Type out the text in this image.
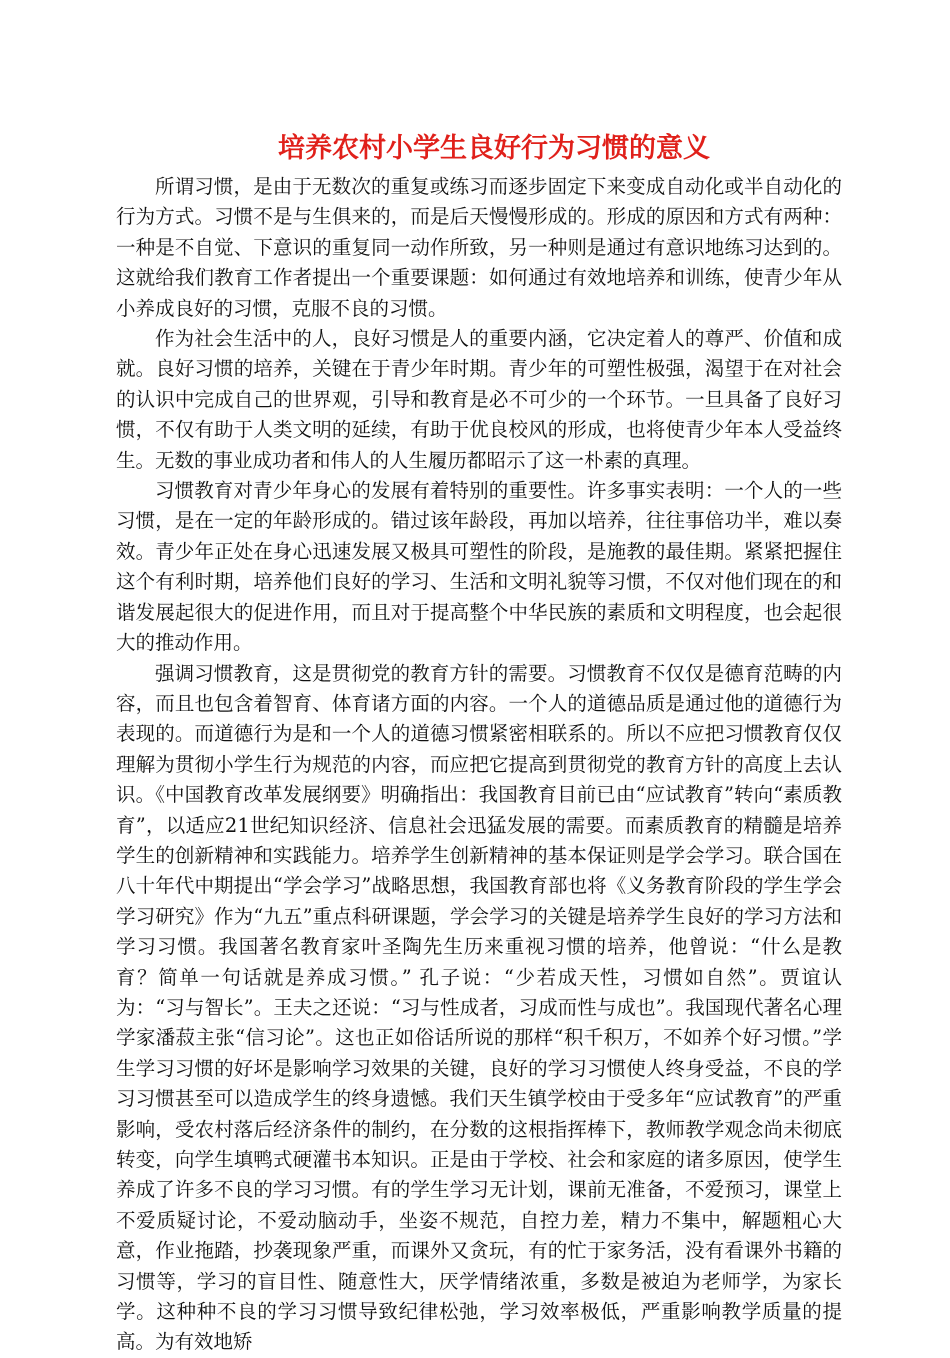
培养农村小学生良好行为习惯的意义

所谓习惯，是由于无数次的重复或练习而逐步固定下来变成自动化或半自动化的行为方式。习惯不是与生俱来的，而是后天慢慢形成的。形成的原因和方式有两种：一种是不自觉、下意识的重复同一动作所致，另一种则是通过有意识地练习达到的。这就给我们教育工作者提出一个重要课题：如何通过有效地培养和训练，使青少年从小养成良好的习惯，克服不良的习惯。

作为社会生活中的人，良好习惯是人的重要内涵，它决定着人的尊严、价值和成就。良好习惯的培养，关键在于青少年时期。青少年的可塑性极强，渴望于在对社会的认识中完成自己的世界观，引导和教育是必不可少的一个环节。一旦具备了良好习惯，不仅有助于人类文明的延续，有助于优良校风的形成，也将使青少年本人受益终生。无数的事业成功者和伟人的人生履历都昭示了这一朴素的真理。

习惯教育对青少年身心的发展有着特别的重要性。许多事实表明：一个人的一些习惯，是在一定的年龄形成的。错过该年龄段，再加以培养，往往事倍功半，难以奏效。青少年正处在身心迅速发展又极具可塑性的阶段，是施教的最佳期。紧紧把握住这个有利时期，培养他们良好的学习、生活和文明礼貌等习惯，不仅对他们现在的和谐发展起很大的促进作用，而且对于提高整个中华民族的素质和文明程度，也会起很大的推动作用。

强调习惯教育，这是贯彻党的教育方针的需要。习惯教育不仅仅是德育范畴的内容，而且也包含着智育、体育诸方面的内容。一个人的道德品质是通过他的道德行为表现的。而道德行为是和一个人的道德习惯紧密相联系的。所以不应把习惯教育仅仅理解为贯彻小学生行为规范的内容，而应把它提高到贯彻党的教育方针的高度上去认识。《中国教育改革发展纲要》明确指出：我国教育目前已由“应试教育”转向“素质教育”，以适应21世纪知识经济、信息社会迅猛发展的需要。而素质教育的精髓是培养学生的创新精神和实践能力。培养学生创新精神的基本保证则是学会学习。联合国在八十年代中期提出“学会学习”战略思想，我国教育部也将《义务教育阶段的学生学会学习研究》作为“九五”重点科研课题，学会学习的关键是培养学生良好的学习方法和学习习惯。我国著名教育家叶圣陶先生历来重视习惯的培养，他曾说：“什么是教育？简单一句话就是养成习惯。” 孔子说：“少若成天性，习惯如自然”。贾谊认为：“习与智长”。王夫之还说：“习与性成者，习成而性与成也”。我国现代著名心理学家潘菽主张“信习论”。这也正如俗话所说的那样“积千积万，不如养个好习惯。”学生学习习惯的好坏是影响学习效果的关键，良好的学习习惯使人终身受益，不良的学习习惯甚至可以造成学生的终身遗憾。我们天生镇学校由于受多年“应试教育”的严重影响，受农村落后经济条件的制约，在分数的这根指挥棒下，教师教学观念尚未彻底转变，向学生填鸭式硬灌书本知识。正是由于学校、社会和家庭的诸多原因，使学生养成了许多不良的学习习惯。有的学生学习无计划，课前无准备，不爱预习，课堂上不爱质疑讨论，不爱动脑动手，坐姿不规范，自控力差，精力不集中，解题粗心大意，作业拖踏，抄袭现象严重，而课外又贪玩，有的忙于家务活，没有看课外书籍的习惯等，学习的盲目性、随意性大，厌学情绪浓重，多数是被迫为老师学，为家长学。这种种不良的学习习惯导致纪律松弛，学习效率极低，严重影响教学质量的提高。为有效地矫
